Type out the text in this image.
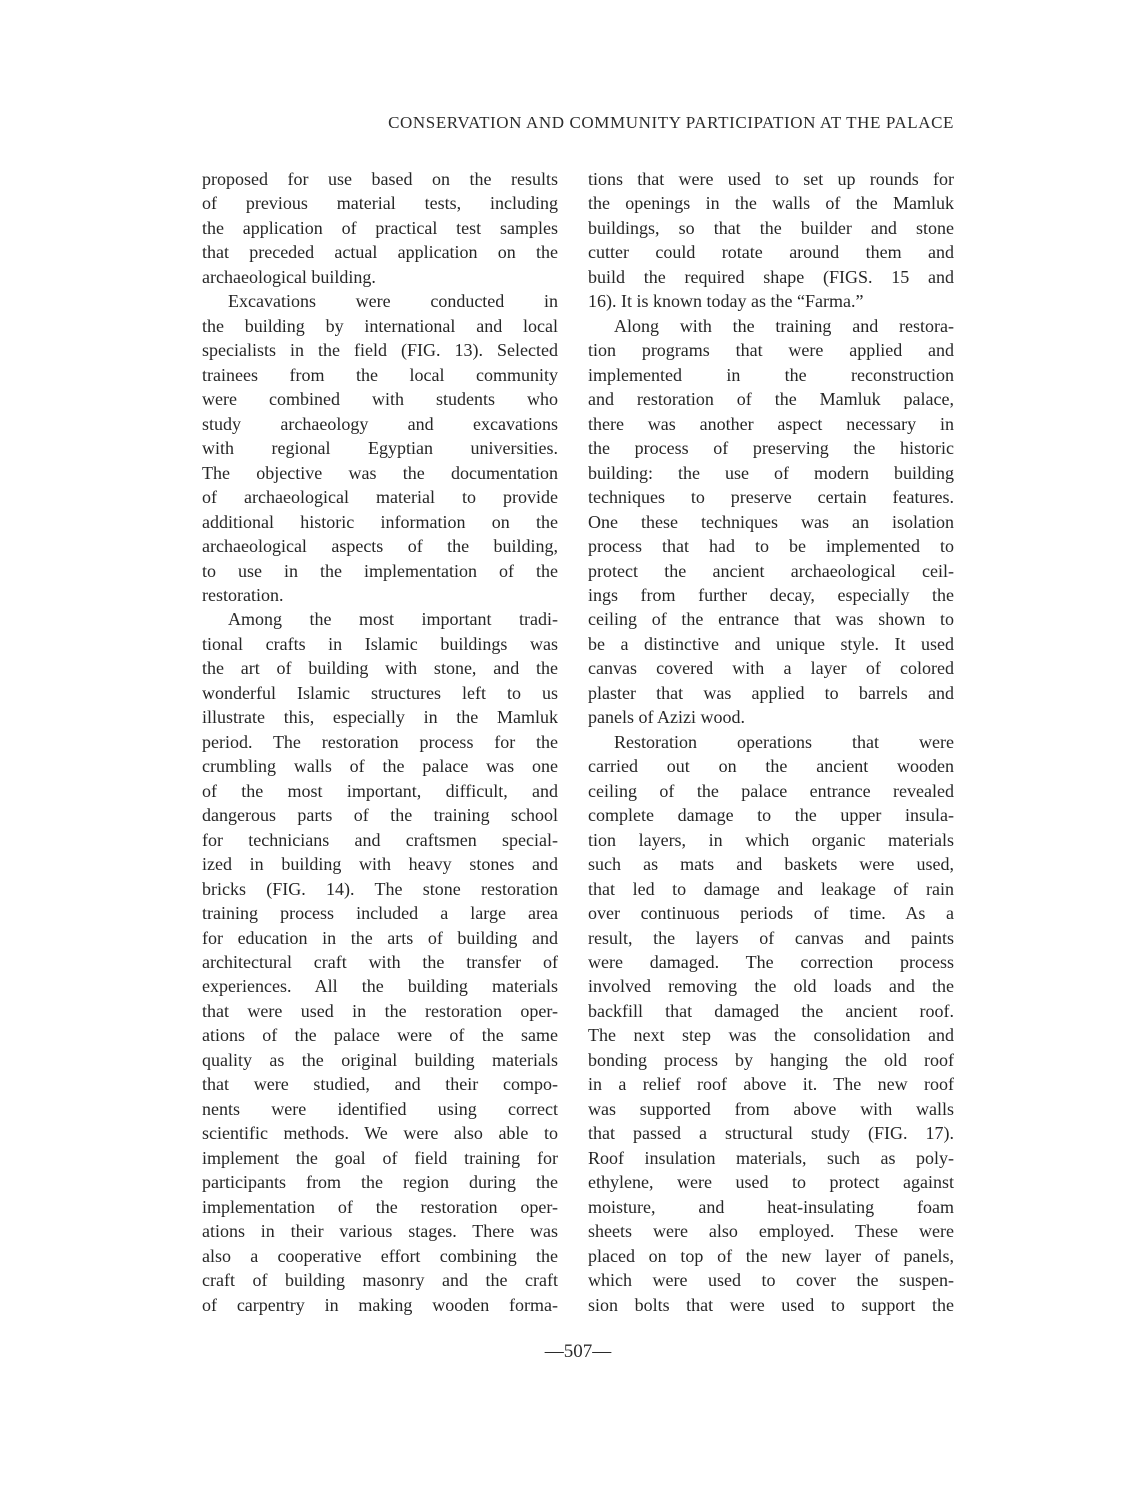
CONSERVATION AND COMMUNITY PARTICIPATION AT THE PALACE
proposed for use based on the results
of previous material tests, including
the application of practical test samples
that preceded actual application on the
archaeological building.
Excavations were conducted in
the building by international and local
specialists in the field (FIG. 13). Selected
trainees from the local community
were combined with students who
study archaeology and excavations
with regional Egyptian universities.
The objective was the documentation
of archaeological material to provide
additional historic information on the
archaeological aspects of the building,
to use in the implementation of the
restoration.
Among the most important tradi-
tional crafts in Islamic buildings was
the art of building with stone, and the
wonderful Islamic structures left to us
illustrate this, especially in the Mamluk
period. The restoration process for the
crumbling walls of the palace was one
of the most important, difficult, and
dangerous parts of the training school
for technicians and craftsmen special-
ized in building with heavy stones and
bricks (FIG. 14). The stone restoration
training process included a large area
for education in the arts of building and
architectural craft with the transfer of
experiences. All the building materials
that were used in the restoration oper-
ations of the palace were of the same
quality as the original building materials
that were studied, and their compo-
nents were identified using correct
scientific methods. We were also able to
implement the goal of field training for
participants from the region during the
implementation of the restoration oper-
ations in their various stages. There was
also a cooperative effort combining the
craft of building masonry and the craft
of carpentry in making wooden forma-
tions that were used to set up rounds for
the openings in the walls of the Mamluk
buildings, so that the builder and stone
cutter could rotate around them and
build the required shape (FIGS. 15 and
16). It is known today as the “Farma.”
Along with the training and restora-
tion programs that were applied and
implemented in the reconstruction
and restoration of the Mamluk palace,
there was another aspect necessary in
the process of preserving the historic
building: the use of modern building
techniques to preserve certain features.
One these techniques was an isolation
process that had to be implemented to
protect the ancient archaeological ceil-
ings from further decay, especially the
ceiling of the entrance that was shown to
be a distinctive and unique style. It used
canvas covered with a layer of colored
plaster that was applied to barrels and
panels of Azizi wood.
Restoration operations that were
carried out on the ancient wooden
ceiling of the palace entrance revealed
complete damage to the upper insula-
tion layers, in which organic materials
such as mats and baskets were used,
that led to damage and leakage of rain
over continuous periods of time. As a
result, the layers of canvas and paints
were damaged. The correction process
involved removing the old loads and the
backfill that damaged the ancient roof.
The next step was the consolidation and
bonding process by hanging the old roof
in a relief roof above it. The new roof
was supported from above with walls
that passed a structural study (FIG. 17).
Roof insulation materials, such as poly-
ethylene, were used to protect against
moisture, and heat-insulating foam
sheets were also employed. These were
placed on top of the new layer of panels,
which were used to cover the suspen-
sion bolts that were used to support the
—507—
